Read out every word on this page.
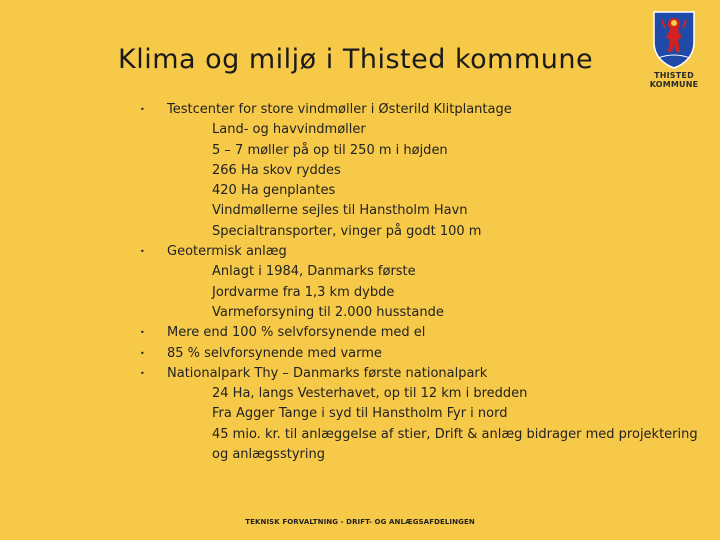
Klima og miljø i Thisted kommune
THISTED KOMMUNE
• Testcenter for store vindmøller i Østerild Klitplantage
Land- og havvindmøller
5 – 7 møller på op til 250 m i højden
266 Ha skov ryddes
420 Ha genplantes
Vindmøllerne sejles til Hanstholm Havn
Specialtransporter, vinger på godt 100 m
• Geotermisk anlæg
Anlagt i 1984, Danmarks første
Jordvarme fra 1,3 km dybde
Varmeforsyning til 2.000 husstande
• Mere end 100 % selvforsynende med el
• 85 % selvforsynende med varme
• Nationalpark Thy – Danmarks første nationalpark
24 Ha, langs Vesterhavet, op til 12 km i bredden
Fra Agger Tange i syd til Hanstholm Fyr i nord
45 mio. kr. til anlæggelse af stier, Drift & anlæg bidrager med projektering og anlægsstyring
TEKNISK FORVALTNING - DRIFT- OG ANLÆGSAFDELINGEN
